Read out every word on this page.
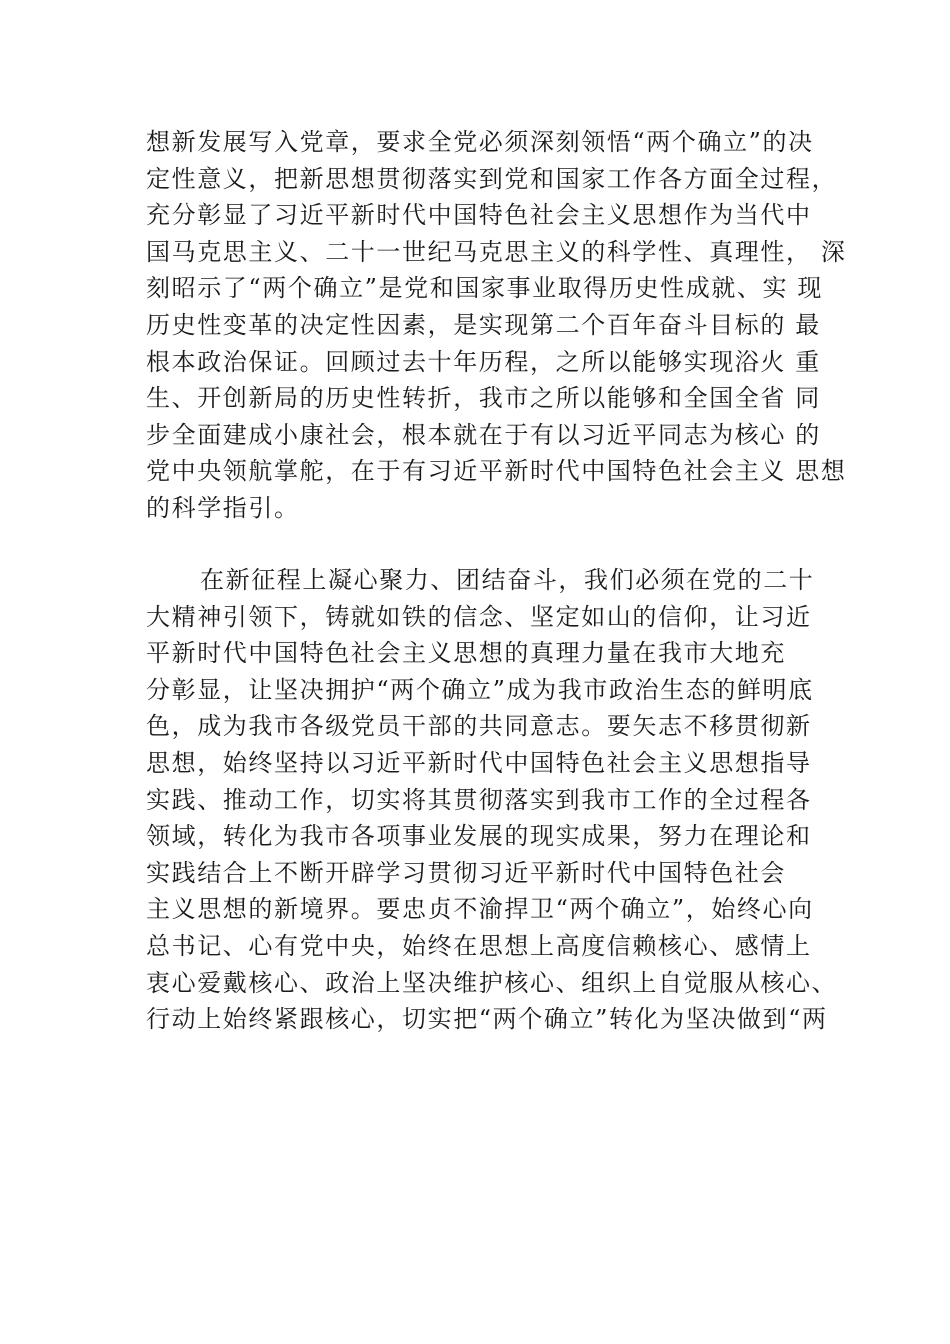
想新发展写入党章，要求全党必须深刻领悟“两个确立”的决
定性意义，把新思想贯彻落实到党和国家工作各方面全过程，
充分彰显了习近平新时代中国特色社会主义思想作为当代中
国马克思主义、二十一世纪马克思主义的科学性、真理性， 深
刻昭示了“两个确立”是党和国家事业取得历史性成就、实 现
历史性变革的决定性因素，是实现第二个百年奋斗目标的 最
根本政治保证。回顾过去十年历程，之所以能够实现浴火 重
生、开创新局的历史性转折，我市之所以能够和全国全省 同
步全面建成小康社会，根本就在于有以习近平同志为核心 的
党中央领航掌舵，在于有习近平新时代中国特色社会主义 思想
的科学指引。
在新征程上凝心聚力、团结奋斗，我们必须在党的二十
大精神引领下，铸就如铁的信念、坚定如山的信仰，让习近
平新时代中国特色社会主义思想的真理力量在我市大地充
分彰显，让坚决拥护“两个确立”成为我市政治生态的鲜明底
色，成为我市各级党员干部的共同意志。要矢志不移贯彻新
思想，始终坚持以习近平新时代中国特色社会主义思想指导
实践、推动工作，切实将其贯彻落实到我市工作的全过程各
领域，转化为我市各项事业发展的现实成果，努力在理论和
实践结合上不断开辟学习贯彻习近平新时代中国特色社会
主义思想的新境界。要忠贞不渝捍卫“两个确立”，始终心向
总书记、心有党中央，始终在思想上高度信赖核心、感情上
衷心爱戴核心、政治上坚决维护核心、组织上自觉服从核心、
行动上始终紧跟核心，切实把“两个确立”转化为坚决做到“两
